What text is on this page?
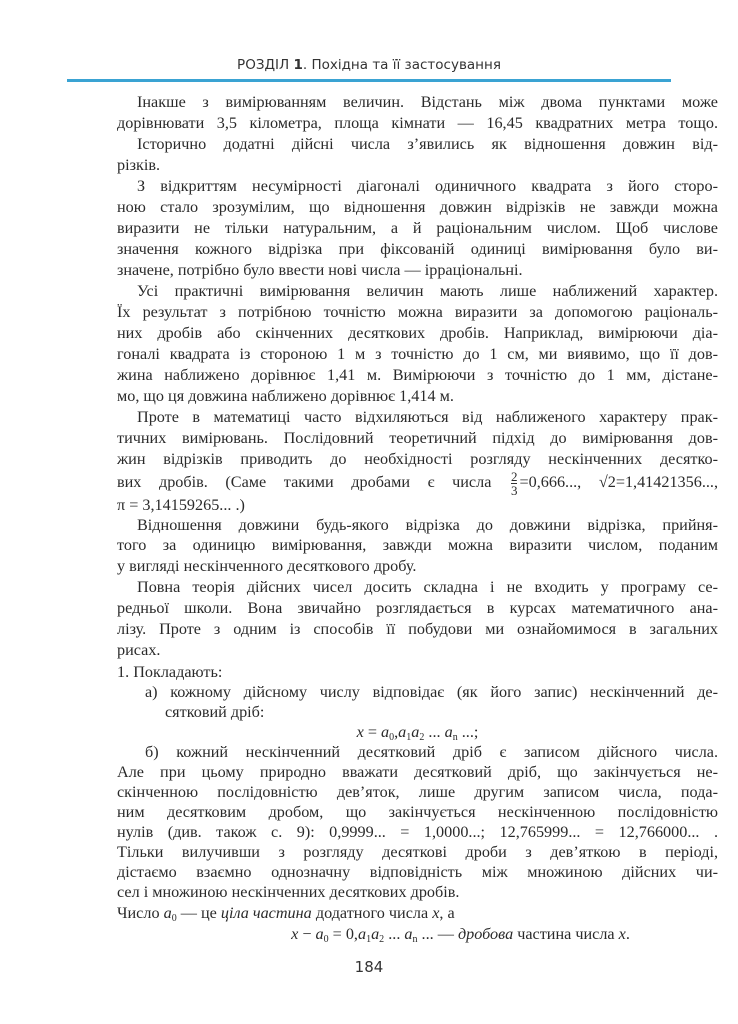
РОЗДІЛ 1. Похідна та її застосування
Інакше з вимірюванням величин. Відстань між двома пунктами може
дорівнювати 3,5 кілометра, площа кімнати — 16,45 квадратних метра тощо.
Історично додатні дійсні числа з’явились як відношення довжин від-
різків.
З відкриттям несумірності діагоналі одиничного квадрата з його сторо-
ною стало зрозумілим, що відношення довжин відрізків не завжди можна
виразити не тільки натуральним, а й раціональним числом. Щоб числове
значення кожного відрізка при фіксованій одиниці вимірювання було ви-
значене, потрібно було ввести нові числа — ірраціональні.
Усі практичні вимірювання величин мають лише наближений характер.
Їх результат з потрібною точністю можна виразити за допомогою раціональ-
них дробів або скінченних десяткових дробів. Наприклад, вимірюючи діа-
гоналі квадрата із стороною 1 м з точністю до 1 см, ми виявимо, що її дов-
жина наближено дорівнює 1,41 м. Вимірюючи з точністю до 1 мм, дістане-
мо, що ця довжина наближено дорівнює 1,414 м.
Проте в математиці часто відхиляються від наближеного характеру прак-
тичних вимірювань. Послідовний теоретичний підхід до вимірювання дов-
жин відрізків приводить до необхідності розгляду нескінченних десятко-
вих дробів. (Саме такими дробами є числа $\frac{2}{3} =0,666$..., √2=1,41421356...,
π = 3,14159265... .)
Відношення довжини будь-якого відрізка до довжини відрізка, прийня-
того за одиницю вимірювання, завжди можна виразити числом, поданим
у вигляді нескінченного десяткового дробу.
Повна теорія дійсних чисел досить складна і не входить у програму се-
редньої школи. Вона звичайно розглядається в курсах математичного ана-
лізу. Проте з одним із способів її побудови ми ознайомимося в загальних
рисах.
1. Покладають:
а) кожному дійсному числу відповідає (як його запис) нескінченний де-
сятковий дріб:
$x = a_0,a_1a_2$ ... $a_n$ ...;
б) кожний нескінченний десятковий дріб є записом дійсного числа.
Але при цьому природно вважати десятковий дріб, що закінчується не-
скінченною послідовністю дев’яток, лише другим записом числа, пода-
ним десятковим дробом, що закінчується нескінченною послідовністю
нулів (див. також с. 9): 0,9999... = 1,0000...; 12,765999... = 12,766000... .
Тільки вилучивши з розгляду десяткові дроби з дев’яткою в періоді,
дістаємо взаємно однозначну відповідність між множиною дійсних чи-
сел і множиною нескінченних десяткових дробів.
Число $a_0$ — це ціла частина додатного числа x, а
$x - a_0 = 0,a_1a_2$ ... $a_n$ ... — дробова частина числа x.
184
